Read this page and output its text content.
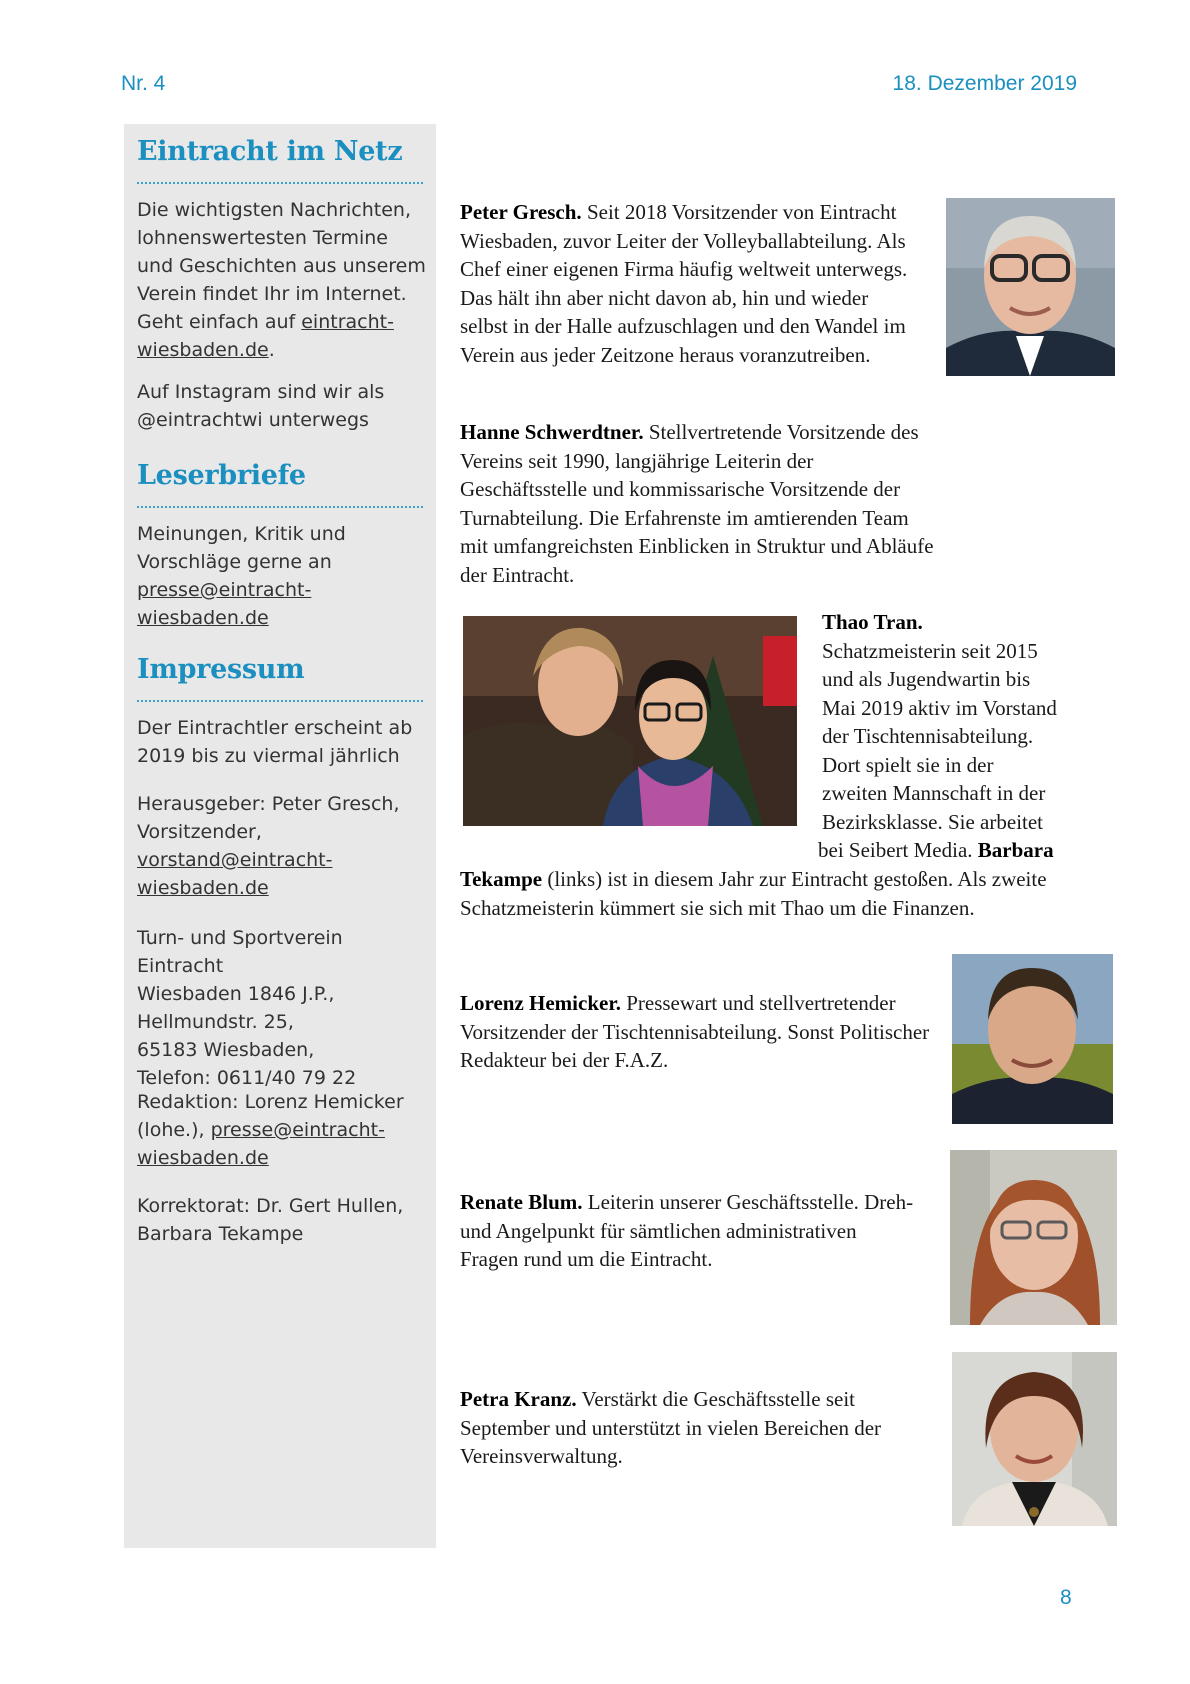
Nr. 4	18. Dezember 2019
Eintracht im Netz

Die wichtigsten Nachrichten, lohnenswertesten Termine und Geschichten aus unserem Verein findet Ihr im Internet. Geht einfach auf eintracht-wiesbaden.de.

Auf Instagram sind wir als @eintrachtwi unterwegs

Leserbriefe

Meinungen, Kritik und Vorschläge gerne an presse@eintracht-wiesbaden.de

Impressum

Der Eintrachtler erscheint ab 2019 bis zu viermal jährlich

Herausgeber: Peter Gresch, Vorsitzender, vorstand@eintracht-wiesbaden.de

Turn- und Sportverein Eintracht
Wiesbaden 1846 J.P.,
Hellmundstr. 25,
65183 Wiesbaden,
Telefon: 0611/40 79 22

Redaktion: Lorenz Hemicker (lohe.), presse@eintracht-wiesbaden.de

Korrektorat: Dr. Gert Hullen, Barbara Tekampe

Peter Gresch. Seit 2018 Vorsitzender von Eintracht Wiesbaden, zuvor Leiter der Volleyballabteilung. Als Chef einer eigenen Firma häufig weltweit unterwegs. Das hält ihn aber nicht davon ab, hin und wieder selbst in der Halle aufzuschlagen und den Wandel im Verein aus jeder Zeitzone heraus voranzutreiben.

Hanne Schwerdtner. Stellvertretende Vorsitzende des Vereins seit 1990, langjährige Leiterin der Geschäftsstelle und kommissarische Vorsitzende der Turnabteilung. Die Erfahrenste im amtierenden Team mit umfangreichsten Einblicken in Struktur und Abläufe der Eintracht.

Thao Tran.
Schatzmeisterin seit 2015
und als Jugendwartin bis
Mai 2019 aktiv im Vorstand
der Tischtennisabteilung.
Dort spielt sie in der
zweiten Mannschaft in der
Bezirksklasse. Sie arbeitet

bei Seibert Media. Barbara

Tekampe (links) ist in diesem Jahr zur Eintracht gestoßen. Als zweite Schatzmeisterin kümmert sie sich mit Thao um die Finanzen.

Lorenz Hemicker. Pressewart und stellvertretender Vorsitzender der Tischtennisabteilung. Sonst Politischer Redakteur bei der F.A.Z.

Renate Blum. Leiterin unserer Geschäftsstelle. Dreh- und Angelpunkt für sämtlichen administrativen Fragen rund um die Eintracht.

Petra Kranz. Verstärkt die Geschäftsstelle seit September und unterstützt in vielen Bereichen der Vereinsverwaltung.

8
